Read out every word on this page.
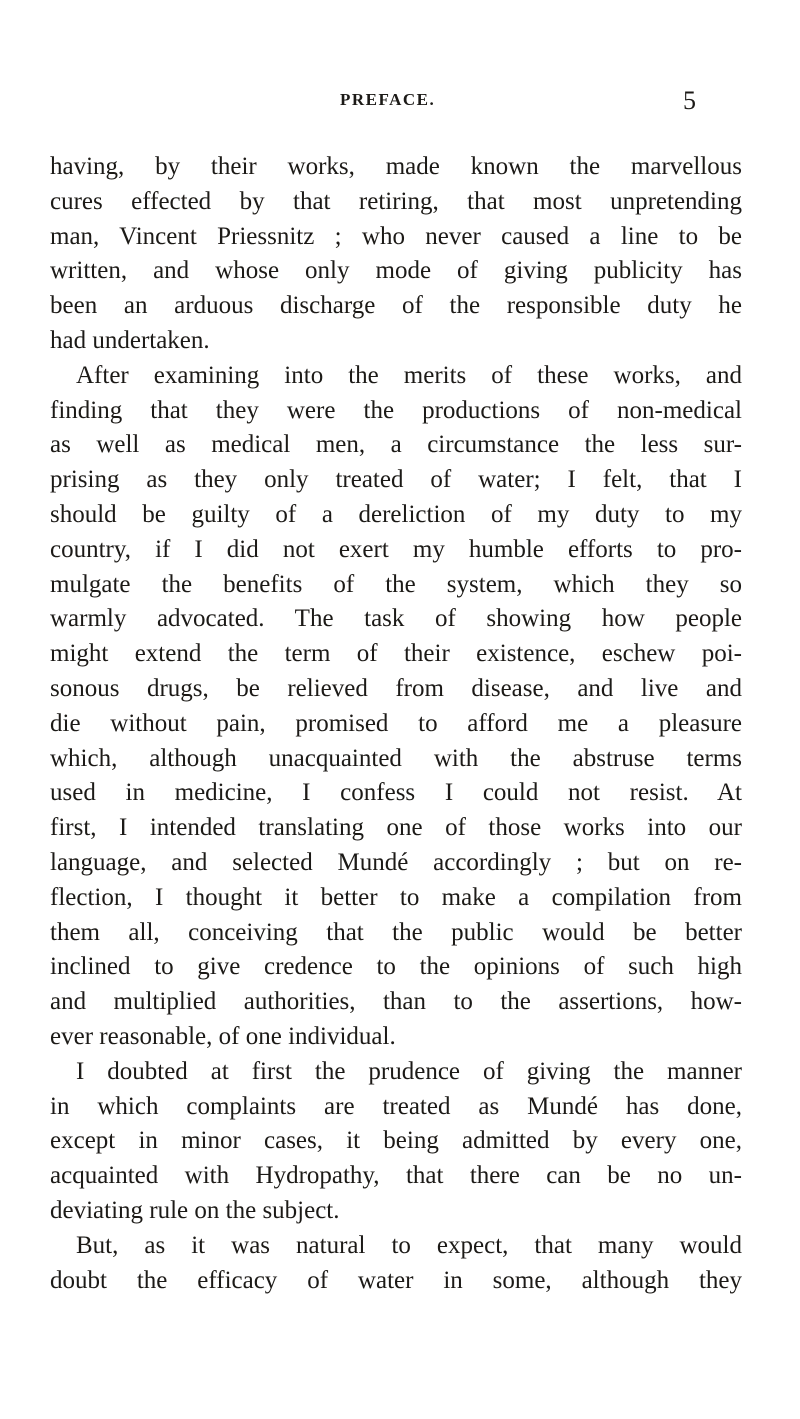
PREFACE.	5
having, by their works, made known the marvellous
cures effected by that retiring, that most unpretending
man, Vincent Priessnitz ; who never caused a line to be
written, and whose only mode of giving publicity has
been an arduous discharge of the responsible duty he
had undertaken.
After examining into the merits of these works, and
finding that they were the productions of non-medical
as well as medical men, a circumstance the less sur-
prising as they only treated of water; I felt, that I
should be guilty of a dereliction of my duty to my
country, if I did not exert my humble efforts to pro-
mulgate the benefits of the system, which they so
warmly advocated. The task of showing how people
might extend the term of their existence, eschew poi-
sonous drugs, be relieved from disease, and live and
die without pain, promised to afford me a pleasure
which, although unacquainted with the abstruse terms
used in medicine, I confess I could not resist. At
first, I intended translating one of those works into our
language, and selected Mundé accordingly ; but on re-
flection, I thought it better to make a compilation from
them all, conceiving that the public would be better
inclined to give credence to the opinions of such high
and multiplied authorities, than to the assertions, how-
ever reasonable, of one individual.
I doubted at first the prudence of giving the manner
in which complaints are treated as Mundé has done,
except in minor cases, it being admitted by every one,
acquainted with Hydropathy, that there can be no un-
deviating rule on the subject.
But, as it was natural to expect, that many would
doubt the efficacy of water in some, although they
